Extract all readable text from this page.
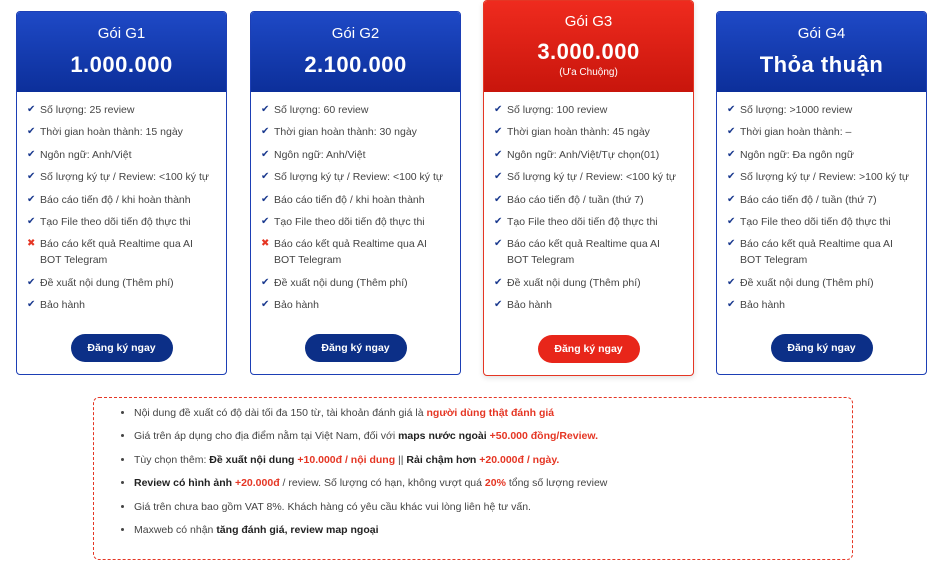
Gói G1
1.000.000
✔ Số lượng: 25 review
✔ Thời gian hoàn thành: 15 ngày
✔ Ngôn ngữ: Anh/Việt
✔ Số lượng ký tự / Review: <100 ký tự
✔ Báo cáo tiến độ / khi hoàn thành
✔ Tạo File theo dõi tiến độ thực thi
✖ Báo cáo kết quả Realtime qua AI BOT Telegram
✔ Đề xuất nội dung (Thêm phí)
✔ Bảo hành
Đăng ký ngay
Gói G2
2.100.000
✔ Số lượng: 60 review
✔ Thời gian hoàn thành: 30 ngày
✔ Ngôn ngữ: Anh/Việt
✔ Số lượng ký tự / Review: <100 ký tự
✔ Báo cáo tiến độ / khi hoàn thành
✔ Tạo File theo dõi tiến độ thực thi
✖ Báo cáo kết quả Realtime qua AI BOT Telegram
✔ Đề xuất nội dung (Thêm phí)
✔ Bảo hành
Đăng ký ngay
Gói G3
3.000.000
(Ưa Chuộng)
✔ Số lượng: 100 review
✔ Thời gian hoàn thành: 45 ngày
✔ Ngôn ngữ: Anh/Việt/Tự chọn(01)
✔ Số lượng ký tự / Review: <100 ký tự
✔ Báo cáo tiến độ / tuần (thứ 7)
✔ Tạo File theo dõi tiến độ thực thi
✔ Báo cáo kết quả Realtime qua AI BOT Telegram
✔ Đề xuất nội dung (Thêm phí)
✔ Bảo hành
Đăng ký ngay
Gói G4
Thỏa thuận
✔ Số lượng: >1000 review
✔ Thời gian hoàn thành: –
✔ Ngôn ngữ: Đa ngôn ngữ
✔ Số lượng ký tự / Review: >100 ký tự
✔ Báo cáo tiến độ / tuần (thứ 7)
✔ Tạo File theo dõi tiến độ thực thi
✔ Báo cáo kết quả Realtime qua AI BOT Telegram
✔ Đề xuất nội dung (Thêm phí)
✔ Bảo hành
Đăng ký ngay
• Nội dung đề xuất có độ dài tối đa 150 từ, tài khoản đánh giá là người dùng thật đánh giá
• Giá trên áp dụng cho địa điểm nằm tại Việt Nam, đối với maps nước ngoài +50.000 đồng/Review.
• Tùy chọn thêm: Đề xuất nội dung +10.000đ / nội dung || Rải chậm hơn +20.000đ / ngày.
• Review có hình ảnh +20.000đ / review. Số lượng có hạn, không vượt quá 20% tổng số lượng review
• Giá trên chưa bao gồm VAT 8%. Khách hàng có yêu cầu khác vui lòng liên hệ tư vấn.
• Maxweb có nhận tăng đánh giá, review map ngoại
